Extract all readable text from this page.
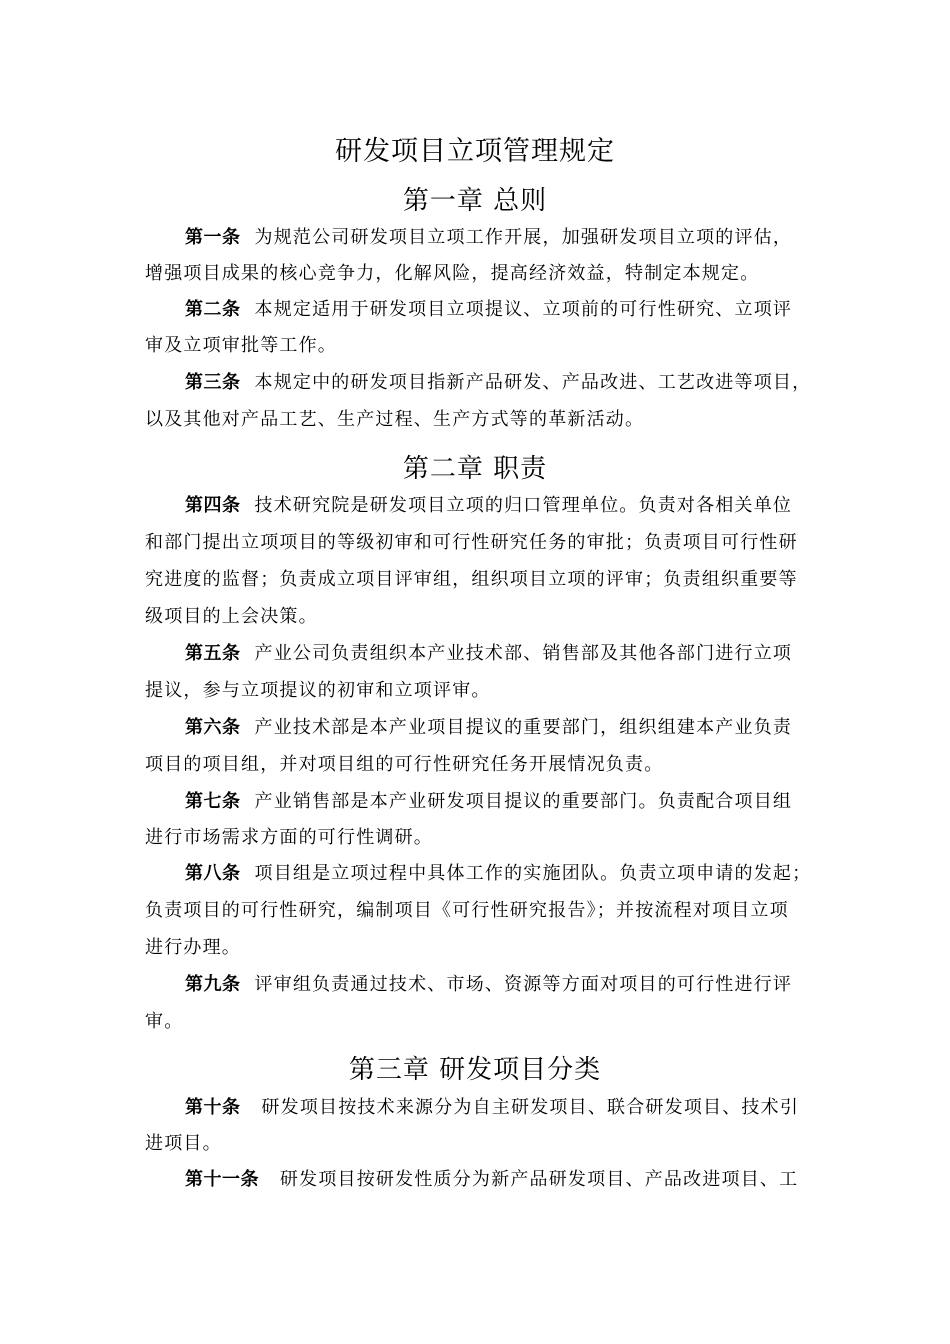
研发项目立项管理规定
第一章 总则
第一条 为规范公司研发项目立项工作开展，加强研发项目立项的评估，
增强项目成果的核心竞争力，化解风险，提高经济效益，特制定本规定。
第二条 本规定适用于研发项目立项提议、立项前的可行性研究、立项评
审及立项审批等工作。
第三条 本规定中的研发项目指新产品研发、产品改进、工艺改进等项目，
以及其他对产品工艺、生产过程、生产方式等的革新活动。
第二章 职责
第四条 技术研究院是研发项目立项的归口管理单位。负责对各相关单位
和部门提出立项项目的等级初审和可行性研究任务的审批；负责项目可行性研
究进度的监督；负责成立项目评审组，组织项目立项的评审；负责组织重要等
级项目的上会决策。
第五条 产业公司负责组织本产业技术部、销售部及其他各部门进行立项
提议，参与立项提议的初审和立项评审。
第六条 产业技术部是本产业项目提议的重要部门，组织组建本产业负责
项目的项目组，并对项目组的可行性研究任务开展情况负责。
第七条 产业销售部是本产业研发项目提议的重要部门。负责配合项目组
进行市场需求方面的可行性调研。
第八条 项目组是立项过程中具体工作的实施团队。负责立项申请的发起；
负责项目的可行性研究，编制项目《可行性研究报告》；并按流程对项目立项
进行办理。
第九条 评审组负责通过技术、市场、资源等方面对项目的可行性进行评
审。
第三章 研发项目分类
第十条 研发项目按技术来源分为自主研发项目、联合研发项目、技术引
进项目。
第十一条 研发项目按研发性质分为新产品研发项目、产品改进项目、工
